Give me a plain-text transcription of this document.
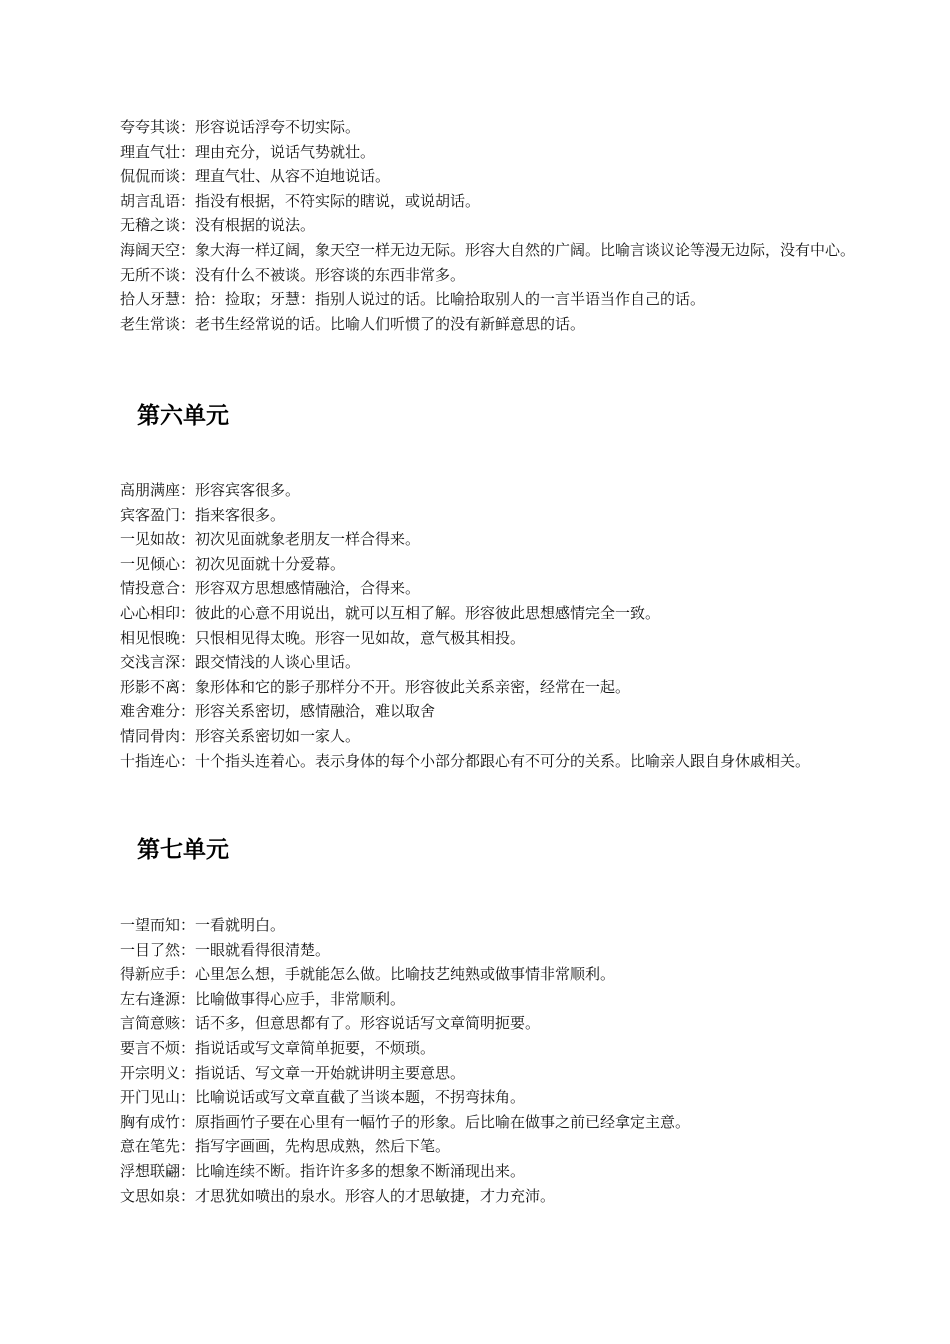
夸夸其谈：形容说话浮夸不切实际。

理直气壮：理由充分，说话气势就壮。

侃侃而谈：理直气壮、从容不迫地说话。

胡言乱语：指没有根据，不符实际的瞎说，或说胡话。

无稽之谈：没有根据的说法。

海阔天空：象大海一样辽阔，象天空一样无边无际。形容大自然的广阔。比喻言谈议论等漫无边际，没有中心。

无所不谈：没有什么不被谈。形容谈的东西非常多。

拾人牙慧：拾：捡取；牙慧：指别人说过的话。比喻拾取别人的一言半语当作自己的话。

老生常谈：老书生经常说的话。比喻人们听惯了的没有新鲜意思的话。

第六单元

高朋满座：形容宾客很多。

宾客盈门：指来客很多。

一见如故：初次见面就象老朋友一样合得来。

一见倾心：初次见面就十分爱幕。

情投意合：形容双方思想感情融洽，合得来。

心心相印：彼此的心意不用说出，就可以互相了解。形容彼此思想感情完全一致。

相见恨晚：只恨相见得太晚。形容一见如故，意气极其相投。

交浅言深：跟交情浅的人谈心里话。

形影不离：象形体和它的影子那样分不开。形容彼此关系亲密，经常在一起。

难舍难分：形容关系密切，感情融洽，难以取舍

情同骨肉：形容关系密切如一家人。

十指连心：十个指头连着心。表示身体的每个小部分都跟心有不可分的关系。比喻亲人跟自身休戚相关。

第七单元

一望而知：一看就明白。

一目了然：一眼就看得很清楚。

得新应手：心里怎么想，手就能怎么做。比喻技艺纯熟或做事情非常顺利。

左右逢源：比喻做事得心应手，非常顺利。

言简意赅：话不多，但意思都有了。形容说话写文章简明扼要。

要言不烦：指说话或写文章简单扼要，不烦琐。

开宗明义：指说话、写文章一开始就讲明主要意思。

开门见山：比喻说话或写文章直截了当谈本题，不拐弯抹角。

胸有成竹：原指画竹子要在心里有一幅竹子的形象。后比喻在做事之前已经拿定主意。

意在笔先：指写字画画，先构思成熟，然后下笔。

浮想联翩：比喻连续不断。指许许多多的想象不断涌现出来。

文思如泉：才思犹如喷出的泉水。形容人的才思敏捷，才力充沛。
